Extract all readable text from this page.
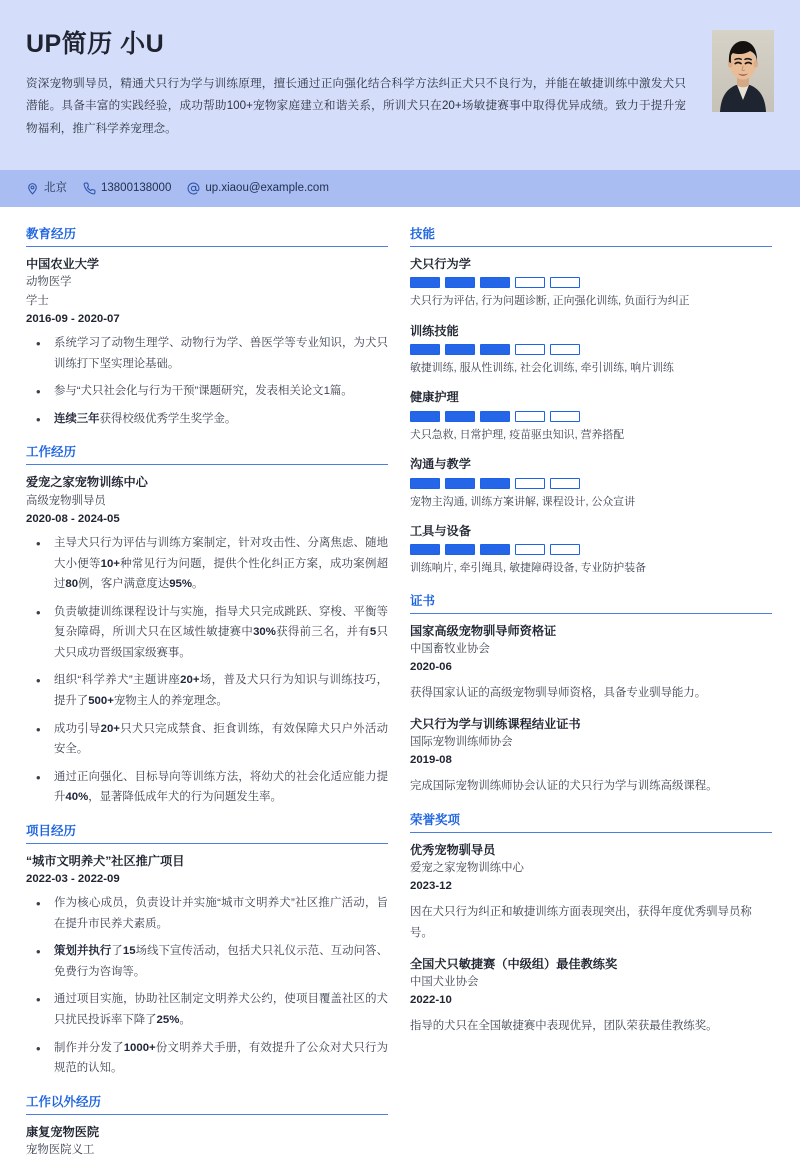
UP简历 小U

资深宠物驯导员，精通犬只行为学与训练原理，擅长通过正向强化结合科学方法纠正犬只不良行为，并能在敏捷训练中激发犬只潜能。具备丰富的实践经验，成功帮助100+宠物家庭建立和谐关系，所训犬只在20+场敏捷赛事中取得优异成绩。致力于提升宠物福利，推广科学养宠理念。

北京	13800138000	up.xiaou@example.com
教育经历
中国农业大学
动物医学
学士
2016-09 - 2020-07
• 系统学习了动物生理学、动物行为学、兽医学等专业知识，为犬只训练打下坚实理论基础。
• 参与“犬只社会化与行为干预”课题研究，发表相关论文1篇。
• 连续三年获得校级优秀学生奖学金。
工作经历
爱宠之家宠物训练中心
高级宠物驯导员
2020-08 - 2024-05
• 主导犬只行为评估与训练方案制定，针对攻击性、分离焦虑、随地大小便等10+种常见行为问题，提供个性化纠正方案，成功案例超过80例，客户满意度达95%。
• 负责敏捷训练课程设计与实施，指导犬只完成跳跃、穿梭、平衡等复杂障碍，所训犬只在区域性敏捷赛中30%获得前三名，并有5只犬只成功晋级国家级赛事。
• 组织“科学养犬”主题讲座20+场，普及犬只行为知识与训练技巧，提升了500+宠物主人的养宠理念。
• 成功引导20+只犬只完成禁食、拒食训练，有效保障犬只户外活动安全。
• 通过正向强化、目标导向等训练方法，将幼犬的社会化适应能力提升40%，显著降低成年犬的行为问题发生率。
项目经历
“城市文明养犬”社区推广项目
2022-03 - 2022-09
• 作为核心成员，负责设计并实施“城市文明养犬”社区推广活动，旨在提升市民养犬素质。
• 策划并执行了15场线下宣传活动，包括犬只礼仪示范、互动问答、免费行为咨询等。
• 通过项目实施，协助社区制定文明养犬公约，使项目覆盖社区的犬只扰民投诉率下降了25%。
• 制作并分发了1000+份文明养犬手册，有效提升了公众对犬只行为规范的认知。
工作以外经历
康复宠物医院
宠物医院义工
技能
犬只行为学
犬只行为评估, 行为问题诊断, 正向强化训练, 负面行为纠正
训练技能
敏捷训练, 服从性训练, 社会化训练, 牵引训练, 响片训练
健康护理
犬只急救, 日常护理, 疫苗驱虫知识, 营养搭配
沟通与教学
宠物主沟通, 训练方案讲解, 课程设计, 公众宣讲
工具与设备
训练响片, 牵引绳具, 敏捷障碍设备, 专业防护装备
证书
国家高级宠物驯导师资格证
中国畜牧业协会
2020-06
获得国家认证的高级宠物驯导师资格，具备专业驯导能力。
犬只行为学与训练课程结业证书
国际宠物训练师协会
2019-08
完成国际宠物训练师协会认证的犬只行为学与训练高级课程。
荣誉奖项
优秀宠物驯导员
爱宠之家宠物训练中心
2023-12
因在犬只行为纠正和敏捷训练方面表现突出，获得年度优秀驯导员称号。
全国犬只敏捷赛（中级组）最佳教练奖
中国犬业协会
2022-10
指导的犬只在全国敏捷赛中表现优异，团队荣获最佳教练奖。
